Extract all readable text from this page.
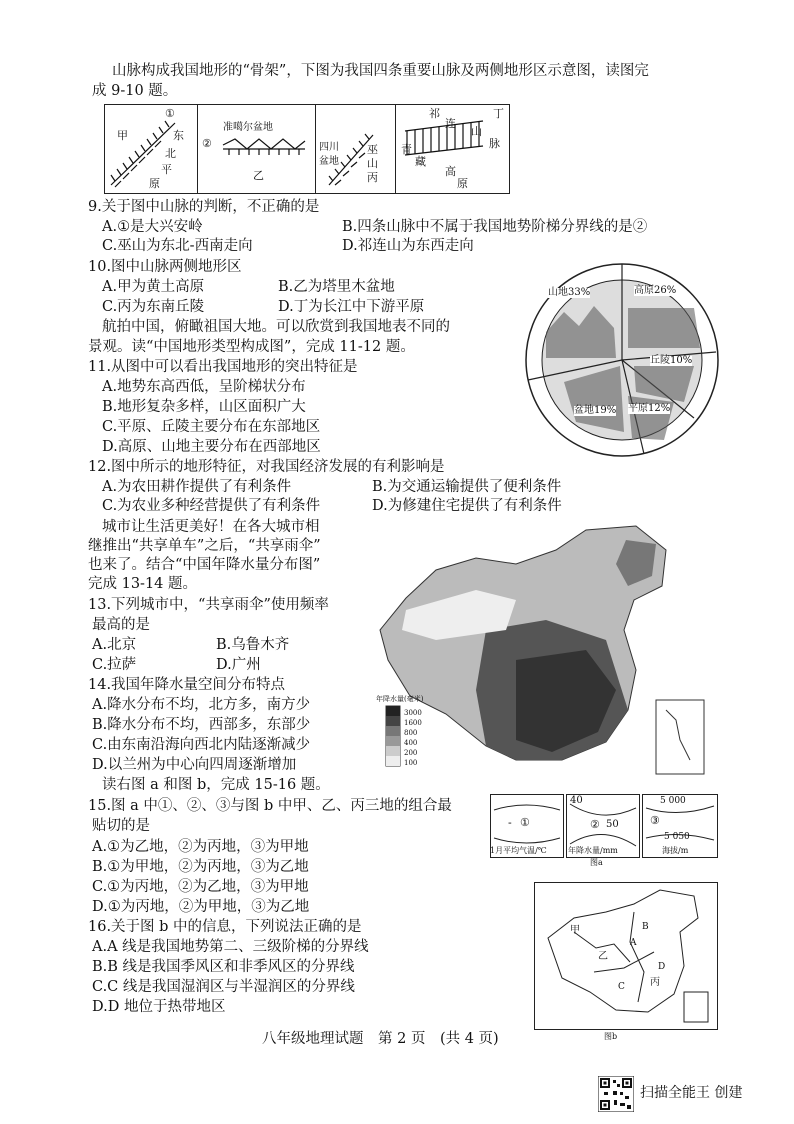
山脉构成我国地形的“骨架”，下图为我国四条重要山脉及两侧地形区示意图，读图完
成 9-10 题。
①
甲	东
北
平
原
准噶尔盆地
②
乙
四川
盆地
巫
山
丙
丁
祁
连
山
脉
青
藏
高
原
9.关于图中山脉的判断，不正确的是
A.①是大兴安岭	B.四条山脉中不属于我国地势阶梯分界线的是②
C.巫山为东北-西南走向	D.祁连山为东西走向
10.图中山脉两侧地形区
A.甲为黄土高原	B.乙为塔里木盆地
C.丙为东南丘陵	D.丁为长江中下游平原
航拍中国，俯瞰祖国大地。可以欣赏到我国地表不同的
景观。读“中国地形类型构成图”，完成 11-12 题。
山地33%	高原26%
丘陵10%
盆地19% 平原12%
11.从图中可以看出我国地形的突出特征是
A.地势东高西低，呈阶梯状分布
B.地形复杂多样，山区面积广大
C.平原、丘陵主要分布在东部地区
D.高原、山地主要分布在西部地区
12.图中所示的地形特征，对我国经济发展的有利影响是
A.为农田耕作提供了有利条件	B.为交通运输提供了便利条件
C.为农业多种经营提供了有利条件	D.为修建住宅提供了有利条件
城市让生活更美好！在各大城市相
继推出“共享单车”之后，“共享雨伞”
也来了。结合“中国年降水量分布图”
完成 13-14 题。
年降水量(毫米)
3000
1600
800
400
200
100
13.下列城市中，“共享雨伞”使用频率
最高的是
A.北京	B.乌鲁木齐
C.拉萨	D.广州
14.我国年降水量空间分布特点
A.降水分布不均，北方多，南方少
B.降水分布不均，西部多，东部少
C.由东南沿海向西北内陆逐渐减少
D.以兰州为中心向四周逐渐增加
读右图 a 和图 b，完成 15-16 题。
①
-
1月平均气温/℃
40
② 50
年降水量/mm
5 000
③
5 050
海拔/m
图a
甲
乙
丙
A
B
C
D
图b
15.图 a 中①、②、③与图 b 中甲、乙、丙三地的组合最
贴切的是
A.①为乙地，②为丙地，③为甲地
B.①为甲地，②为丙地，③为乙地
C.①为丙地，②为乙地，③为甲地
D.①为丙地，②为甲地，③为乙地
16.关于图 b 中的信息，下列说法正确的是
A.A 线是我国地势第二、三级阶梯的分界线
B.B 线是我国季风区和非季风区的分界线
C.C 线是我国湿润区与半湿润区的分界线
D.D 地位于热带地区
八年级地理试题　第 2 页　(共 4 页)
扫描全能王 创建
